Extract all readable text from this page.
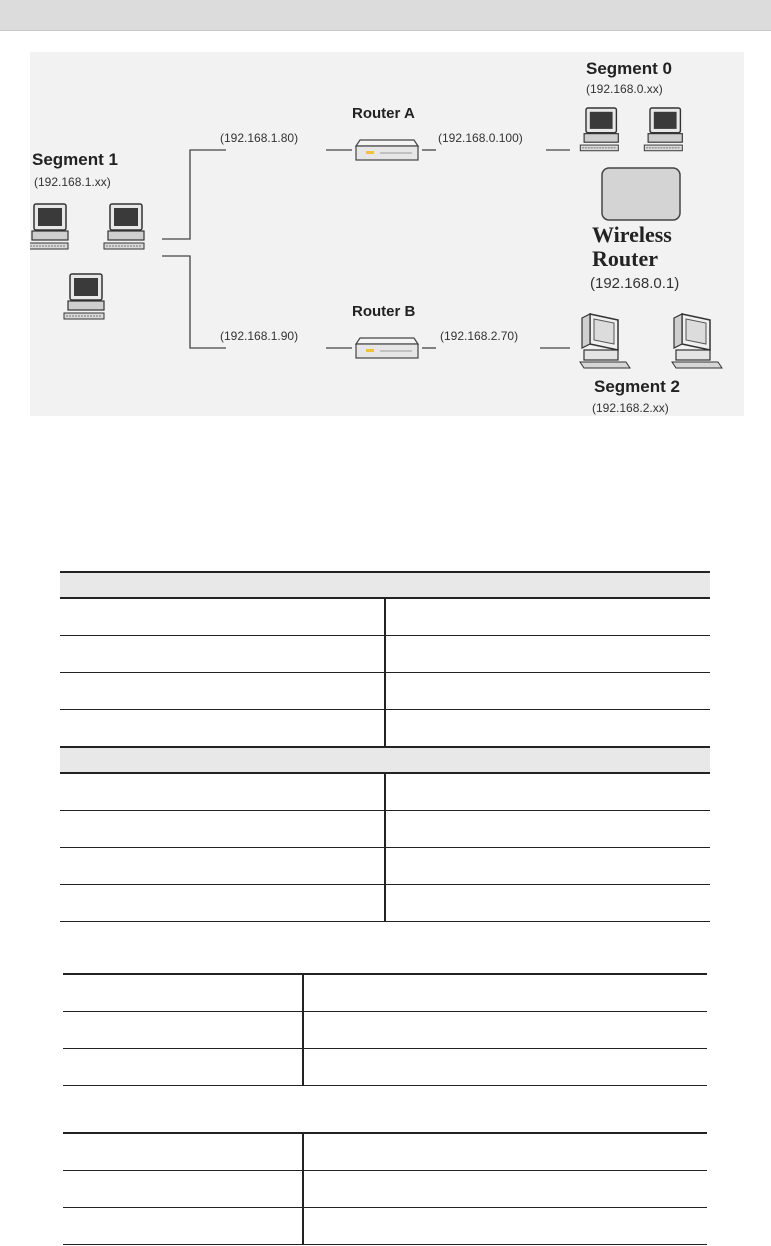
Segment 1
(192.168.1.xx)
Router A
(192.168.1.80)	(192.168.0.100)
Router B
(192.168.1.90)	(192.168.2.70)
Segment 0
(192.168.0.xx)
Wireless
Router
(192.168.0.1)
Segment 2
(192.168.2.xx)
